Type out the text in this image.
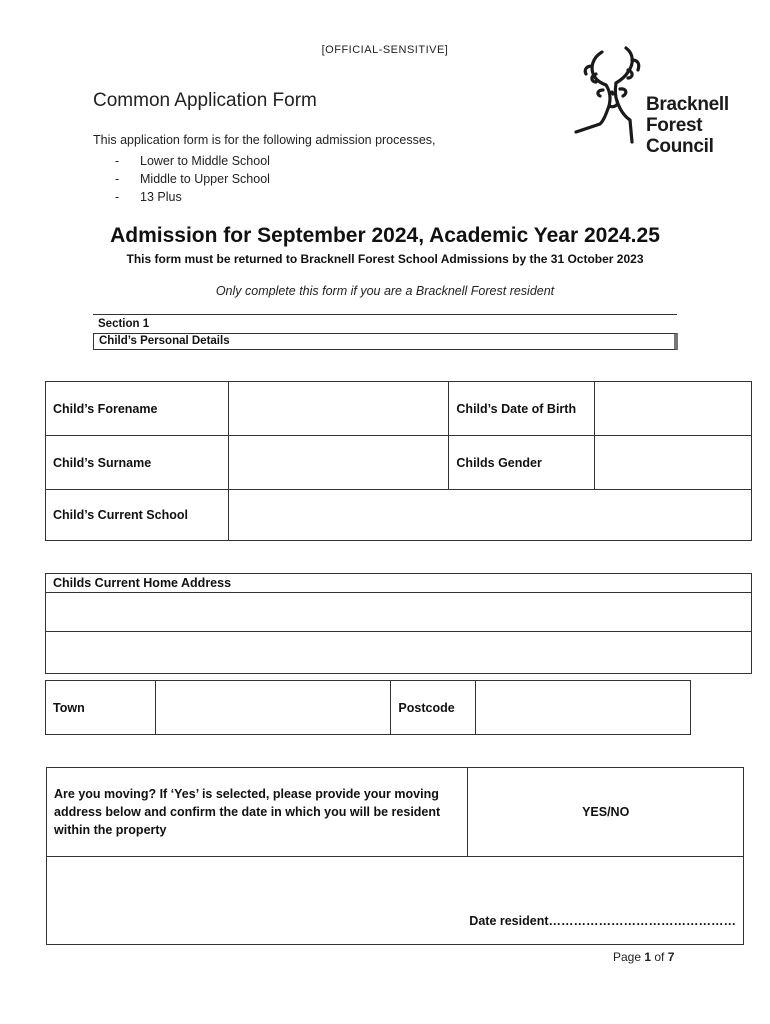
[OFFICIAL-SENSITIVE]
Common Application Form
This application form is for the following admission processes,
- Lower to Middle School
- Middle to Upper School
- 13 Plus
Bracknell
Forest
Council
Admission for September 2024, Academic Year 2024.25
This form must be returned to Bracknell Forest School Admissions by the 31 October 2023
Only complete this form if you are a Bracknell Forest resident
Section 1
Child’s Personal Details
Child’s Forename		Child’s Date of Birth	
Child’s Surname		Childs Gender	
Child’s Current School			
Childs Current Home Address

Town		Postcode	
Are you moving? If ‘Yes’ is selected, please provide your moving address below and confirm the date in which you will be resident within the property	YES/NO
Date resident………………………………………
Page 1 of 7
